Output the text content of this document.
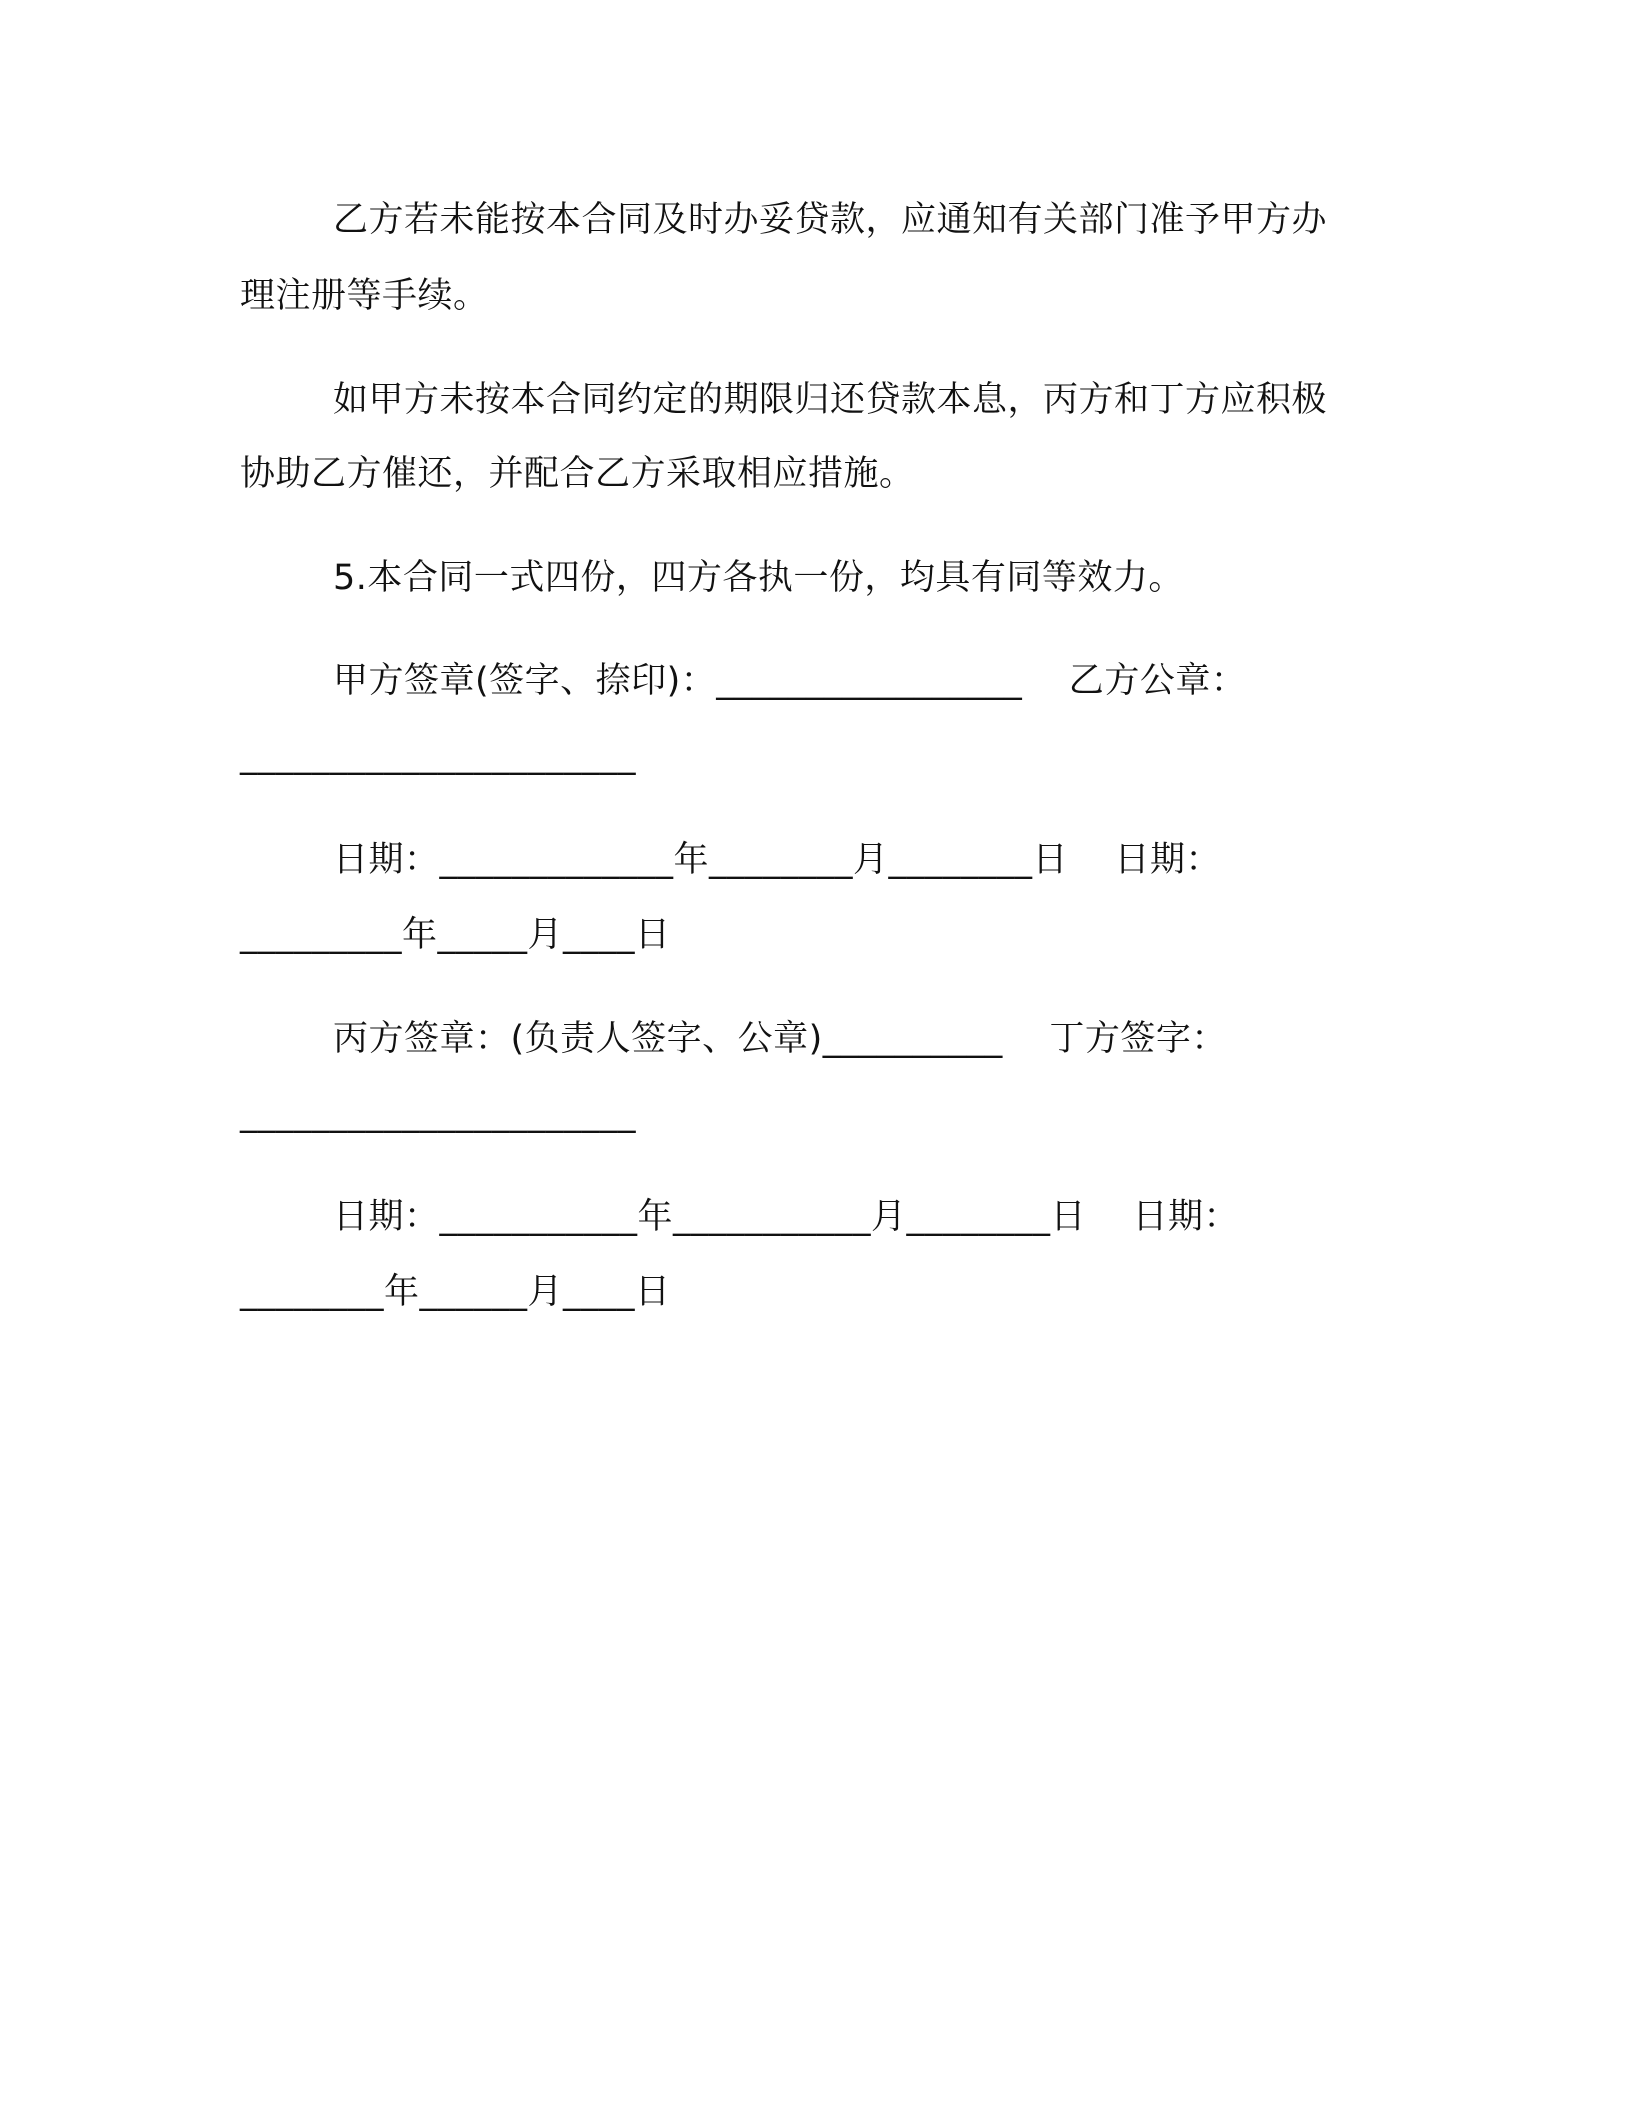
乙方若未能按本合同及时办妥贷款，应通知有关部门准予甲方办
理注册等手续。
如甲方未按本合同约定的期限归还贷款本息，丙方和丁方应积极
协助乙方催还，并配合乙方采取相应措施。
5.本合同一式四份，四方各执一份，均具有同等效力。
甲方签章(签字、捺印)：_________________    乙方公章：
______________________
日期：_____________年________月________日    日期：
_________年_____月____日
丙方签章：(负责人签字、公章)__________    丁方签字：
______________________
日期：___________年___________月________日    日期：
________年______月____日
